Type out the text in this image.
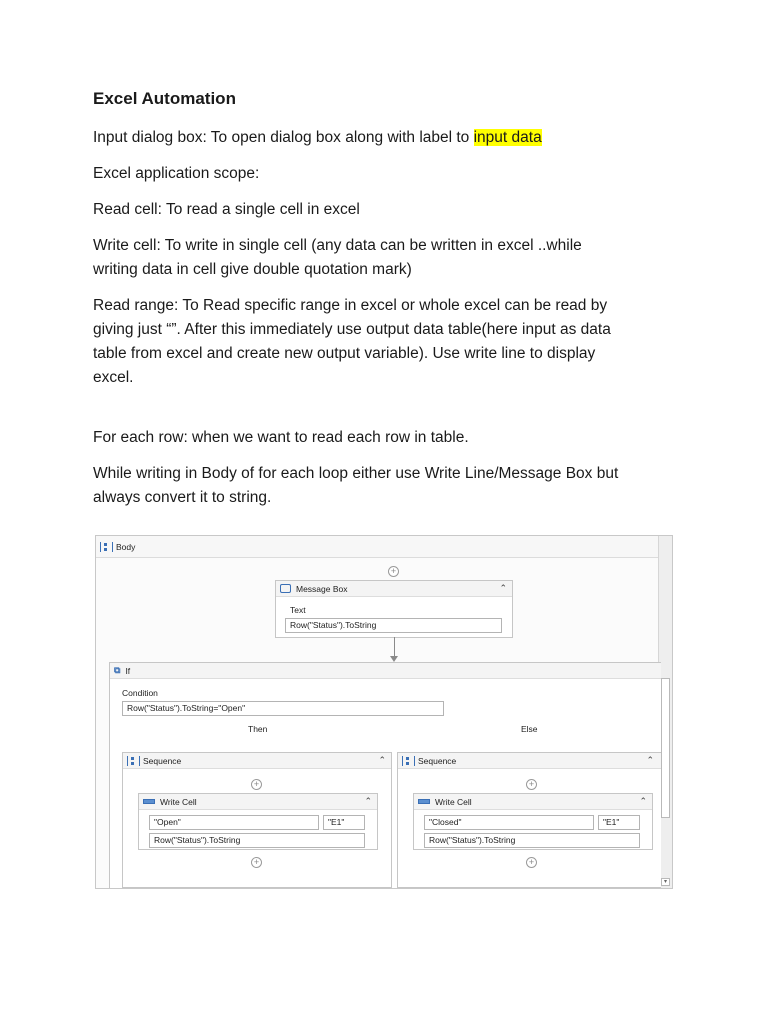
Excel Automation

Input dialog box: To open dialog box along with label to input data

Excel application scope:

Read cell: To read a single cell in excel

Write cell: To write in single cell (any data can be written in excel ..while
writing data in cell give double quotation mark)

Read range: To Read specific range in excel or whole excel can be read by
giving just “”. After this immediately use output data table(here input as data
table from excel and create new output variable). Use write line to display
excel.

For each row: when we want to read each row in table.

While writing in Body of for each loop either use Write Line/Message Box but
always convert it to string.

Body
▾
+
Message Box	⌃
Text
Row("Status").ToString
⧉ If
Condition
Row("Status").ToString="Open"
Then	Else
Sequence	⌃
+
Write Cell	⌃
"Open"	"E1"
Row("Status").ToString
+
Sequence	⌃
+
Write Cell	⌃
"Closed"	"E1"
Row("Status").ToString
+
